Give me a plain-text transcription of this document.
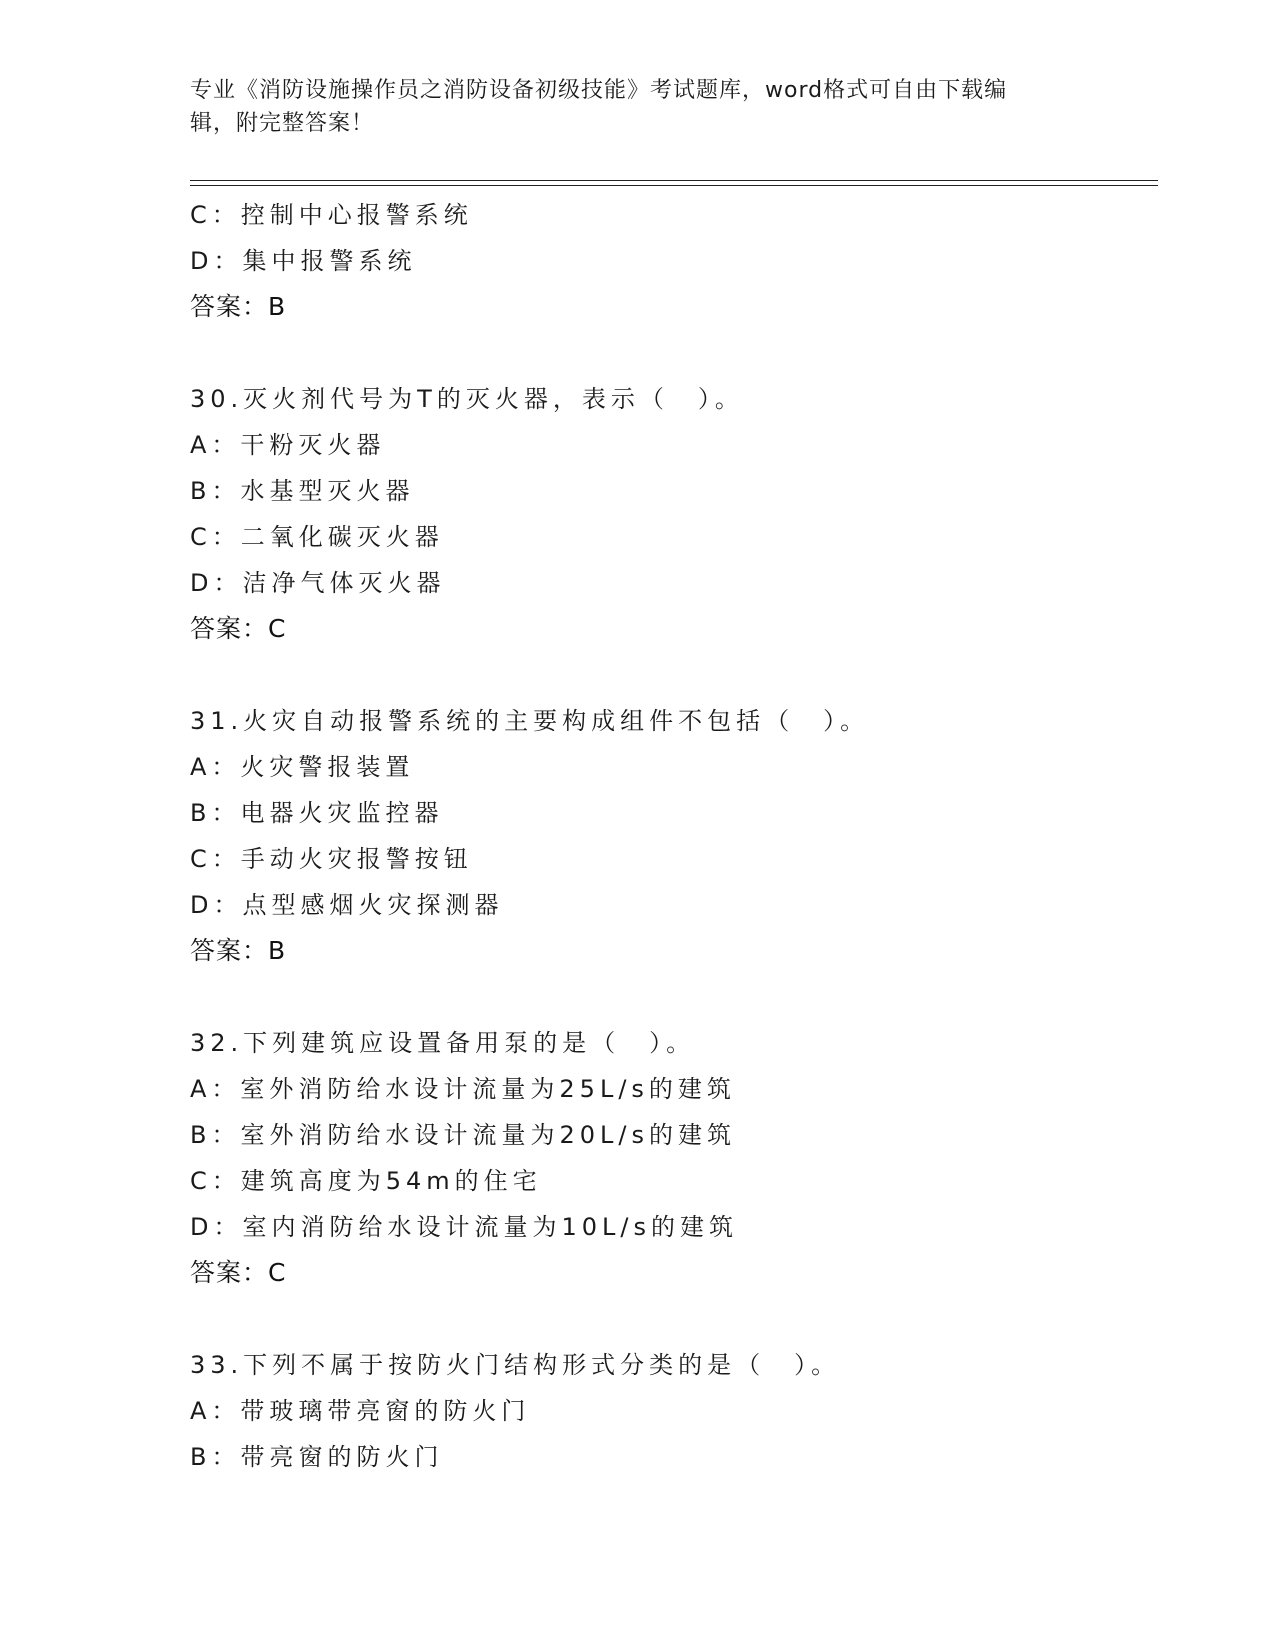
专业《消防设施操作员之消防设备初级技能》考试题库，word格式可自由下载编
辑，附完整答案！
C：控制中心报警系统
D：集中报警系统
答案：B
30.灭火剂代号为T的灭火器，表示（　）。
A：干粉灭火器
B：水基型灭火器
C：二氧化碳灭火器
D：洁净气体灭火器
答案：C
31.火灾自动报警系统的主要构成组件不包括（　）。
A：火灾警报装置
B：电器火灾监控器
C：手动火灾报警按钮
D：点型感烟火灾探测器
答案：B
32.下列建筑应设置备用泵的是（　）。
A：室外消防给水设计流量为25L/s的建筑
B：室外消防给水设计流量为20L/s的建筑
C：建筑高度为54m的住宅
D：室内消防给水设计流量为10L/s的建筑
答案：C
33.下列不属于按防火门结构形式分类的是（　）。
A：带玻璃带亮窗的防火门
B：带亮窗的防火门
